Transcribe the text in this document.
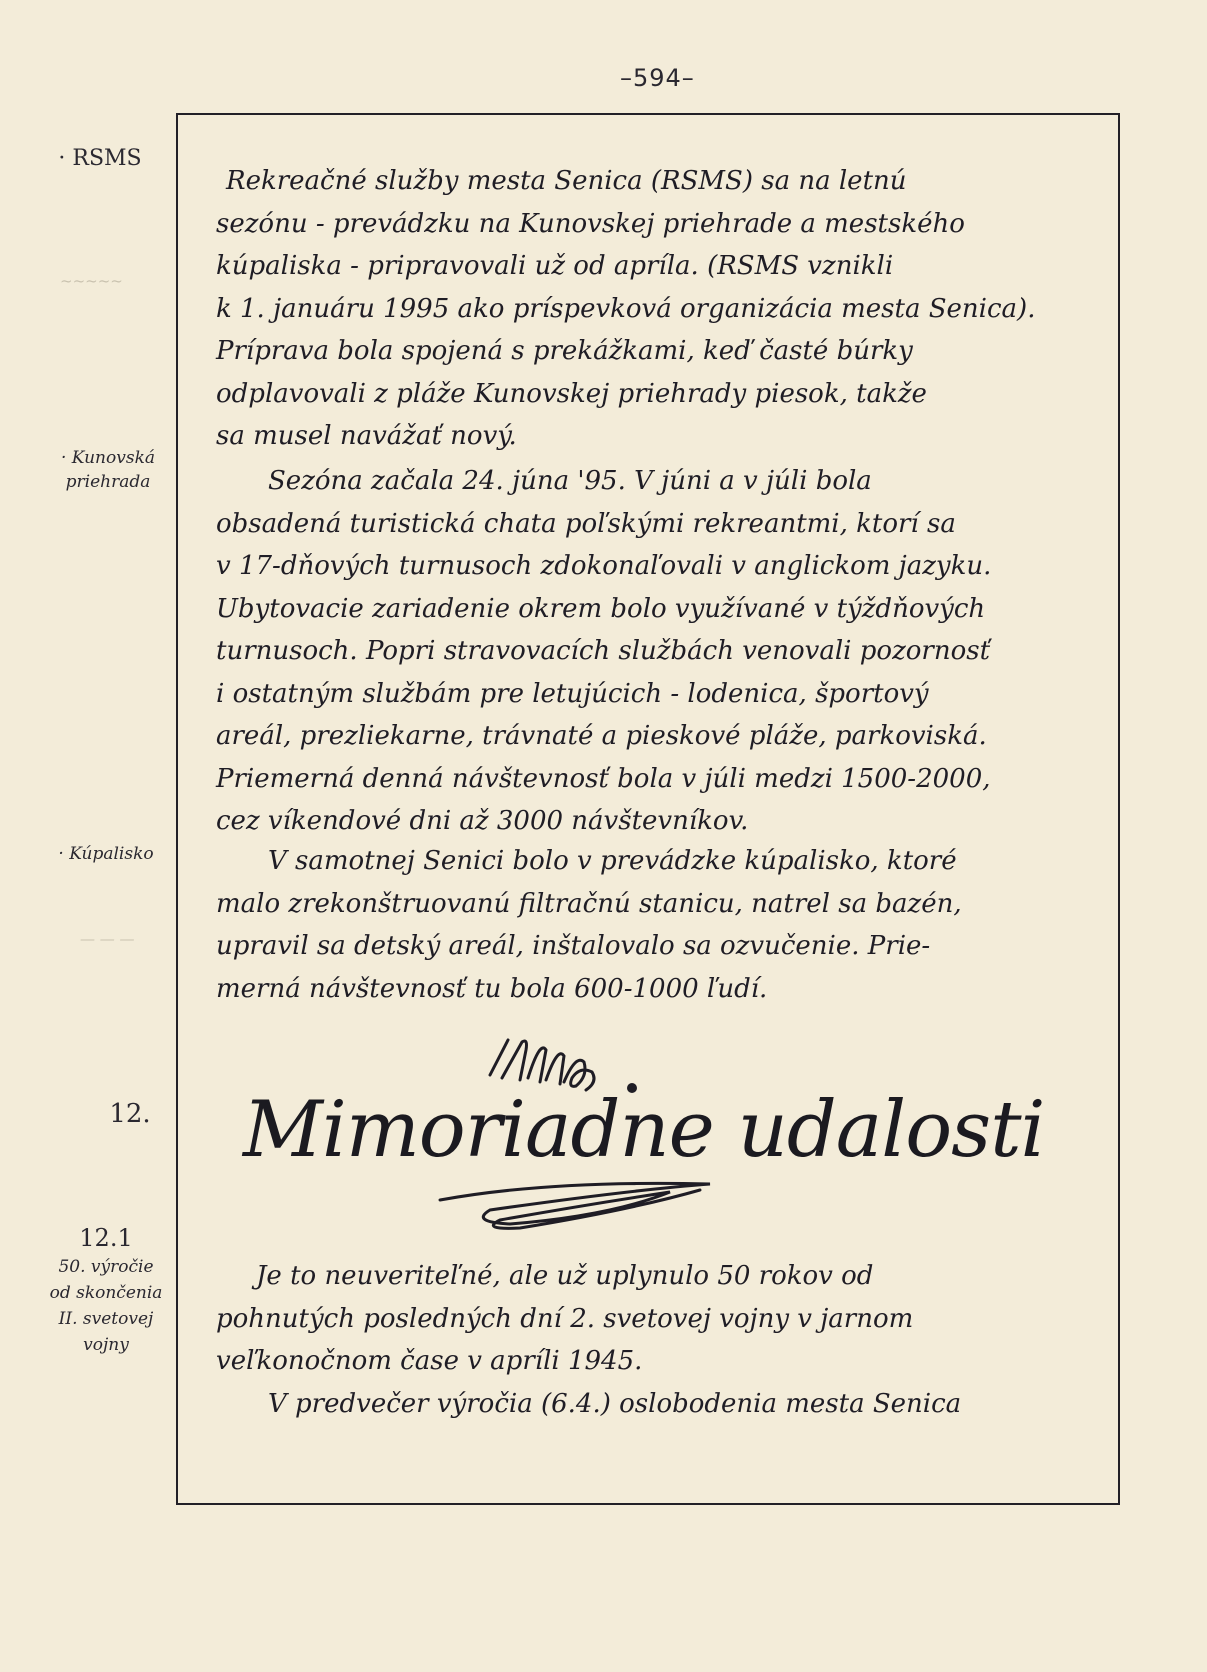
–594–
· RSMS
· Kunovská
priehrada
· Kúpalisko
12.
12.1
50. výročie
od skončenia
II. svetovej
vojny
~~~~~
— — —
Rekreačné služby mesta Senica (RSMS) sa na letnú
sezónu - prevádzku na Kunovskej priehrade a mestského
kúpaliska - pripravovali už od apríla. (RSMS vznikli
k 1. januáru 1995 ako príspevková organizácia mesta Senica).
Príprava bola spojená s prekážkami, keď časté búrky
odplavovali z pláže Kunovskej priehrady piesok, takže
sa musel navážať nový.
Sezóna začala 24. júna '95. V júni a v júli bola
obsadená turistická chata poľskými rekreantmi, ktorí sa
v 17-dňových turnusoch zdokonaľovali v anglickom jazyku.
Ubytovacie zariadenie okrem bolo využívané v týždňových
turnusoch. Popri stravovacích službách venovali pozornosť
i ostatným službám pre letujúcich - lodenica, športový
areál, prezliekarne, trávnaté a pieskové pláže, parkoviská.
Priemerná denná návštevnosť bola v júli medzi 1500-2000,
cez víkendové dni až 3000 návštevníkov.
V samotnej Senici bolo v prevádzke kúpalisko, ktoré
malo zrekonštruovanú filtračnú stanicu, natrel sa bazén,
upravil sa detský areál, inštalovalo sa ozvučenie. Prie-
merná návštevnosť tu bola 600-1000 ľudí.
Mimoriadne udalosti
Je to neuveriteľné, ale už uplynulo 50 rokov od
pohnutých posledných dní 2. svetovej vojny v jarnom
veľkonočnom čase v apríli 1945.
V predvečer výročia (6.4.) oslobodenia mesta Senica
